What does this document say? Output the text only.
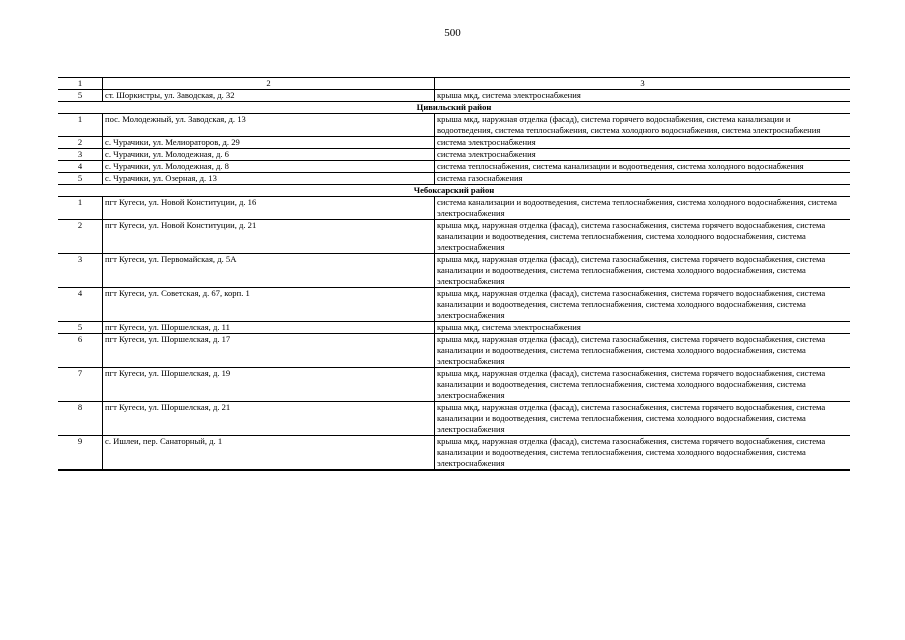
500
1	2	3
5	ст. Шоркистры, ул. Заводская, д. 32	крыша мкд, система электроснабжения
Цивильский район		
1	пос. Молодежный, ул. Заводская, д. 13	крыша мкд, наружная отделка (фасад), система горячего водоснабжения, система канализации и водоотведения, система теплоснабжения, система холодного водоснабжения, система электроснабжения
2	с. Чурачики, ул. Мелиораторов, д. 29	система электроснабжения
3	с. Чурачики, ул. Молодежная, д. 6	система электроснабжения
4	с. Чурачики, ул. Молодежная, д. 8	система теплоснабжения, система канализации и водоотведения, система холодного водоснабжения
5	с. Чурачики, ул. Озерная, д. 13	система газоснабжения
Чебоксарский район		
1	пгт Кугеси, ул. Новой Конституции, д. 16	система канализации и водоотведения, система теплоснабжения, система холодного водоснабжения, система электроснабжения
2	пгт Кугеси, ул. Новой Конституции, д. 21	крыша мкд, наружная отделка (фасад), система газоснабжения, система горячего водоснабжения, система канализации и водоотведения, система теплоснабжения, система холодного водоснабжения, система электроснабжения
3	пгт Кугеси, ул. Первомайская, д. 5А	крыша мкд, наружная отделка (фасад), система газоснабжения, система горячего водоснабжения, система канализации и водоотведения, система теплоснабжения, система холодного водоснабжения, система электроснабжения
4	пгт Кугеси, ул. Советская, д. 67, корп. 1	крыша мкд, наружная отделка (фасад), система газоснабжения, система горячего водоснабжения, система канализации и водоотведения, система теплоснабжения, система холодного водоснабжения, система электроснабжения
5	пгт Кугеси, ул. Шоршелская, д. 11	крыша мкд, система электроснабжения
6	пгт Кугеси, ул. Шоршелская, д. 17	крыша мкд, наружная отделка (фасад), система газоснабжения, система горячего водоснабжения, система канализации и водоотведения, система теплоснабжения, система холодного водоснабжения, система электроснабжения
7	пгт Кугеси, ул. Шоршелская, д. 19	крыша мкд, наружная отделка (фасад), система газоснабжения, система горячего водоснабжения, система канализации и водоотведения, система теплоснабжения, система холодного водоснабжения, система электроснабжения
8	пгт Кугеси, ул. Шоршелская, д. 21	крыша мкд, наружная отделка (фасад), система газоснабжения, система горячего водоснабжения, система канализации и водоотведения, система теплоснабжения, система холодного водоснабжения, система электроснабжения
9	с. Ишлеи, пер. Санаторный, д. 1	крыша мкд, наружная отделка (фасад), система газоснабжения, система горячего водоснабжения, система канализации и водоотведения, система теплоснабжения, система холодного водоснабжения, система электроснабжения
